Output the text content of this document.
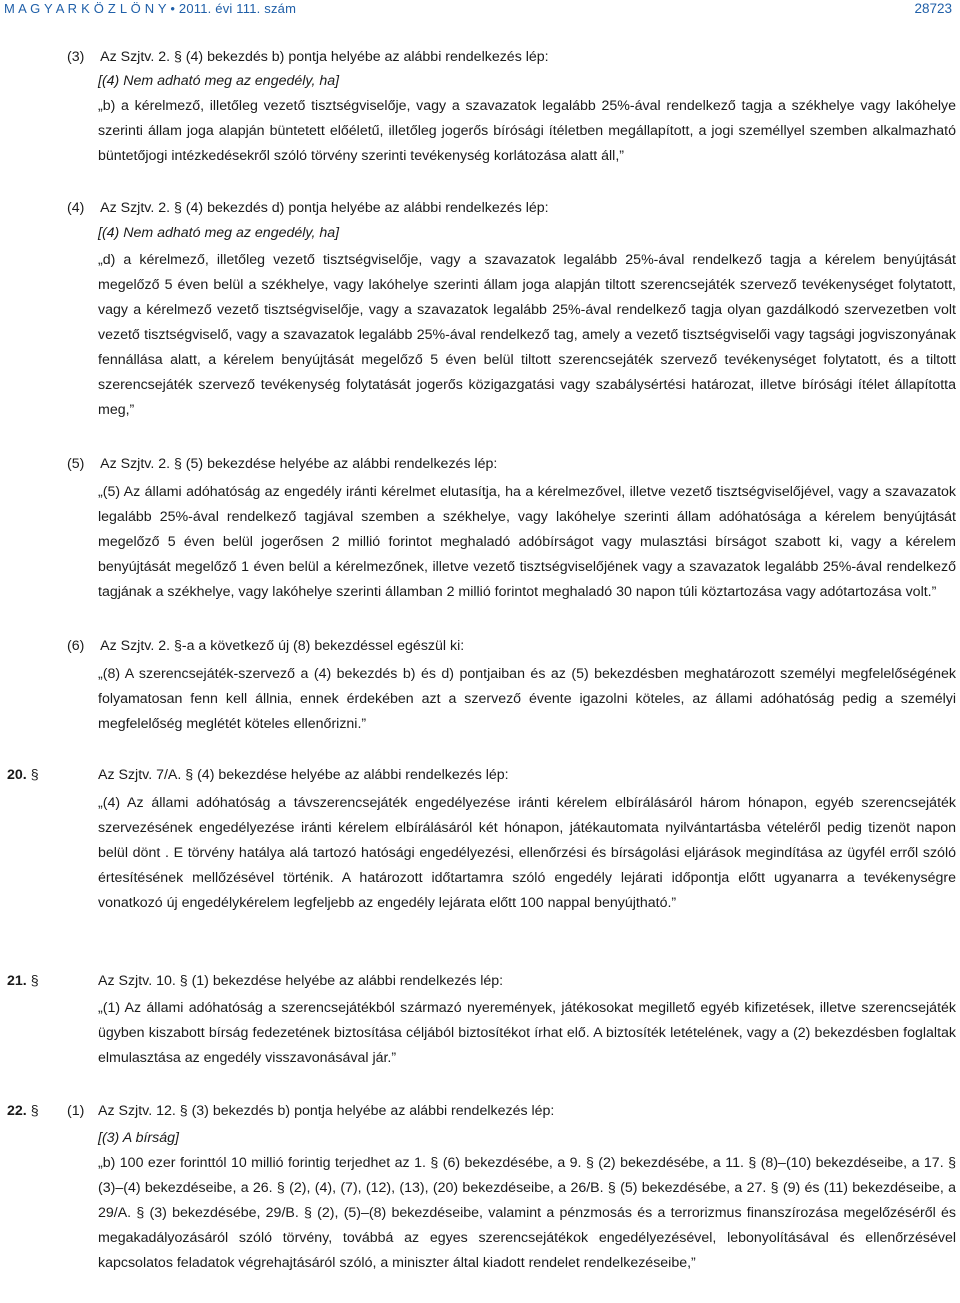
M A G Y A R K Ö Z L Ö N Y • 2011. évi 111. szám	28723
(3) Az Szjtv. 2. § (4) bekezdés b) pontja helyébe az alábbi rendelkezés lép:
[(4) Nem adható meg az engedély, ha]
„b) a kérelmező, illetőleg vezető tisztségviselője, vagy a szavazatok legalább 25%-ával rendelkező tagja a székhelye vagy lakóhelye szerinti állam joga alapján büntetett előéletű, illetőleg jogerős bírósági ítéletben megállapított, a jogi személlyel szemben alkalmazható büntetőjogi intézkedésekről szóló törvény szerinti tevékenység korlátozása alatt áll,”
(4) Az Szjtv. 2. § (4) bekezdés d) pontja helyébe az alábbi rendelkezés lép:
[(4) Nem adható meg az engedély, ha]
„d) a kérelmező, illetőleg vezető tisztségviselője, vagy a szavazatok legalább 25%-ával rendelkező tagja a kérelem benyújtását megelőző 5 éven belül a székhelye, vagy lakóhelye szerinti állam joga alapján tiltott szerencsejáték szervező tevékenységet folytatott, vagy a kérelmező vezető tisztségviselője, vagy a szavazatok legalább 25%-ával rendelkező tagja olyan gazdálkodó szervezetben volt vezető tisztségviselő, vagy a szavazatok legalább 25%-ával rendelkező tag, amely a vezető tisztségviselői vagy tagsági jogviszonyának fennállása alatt, a kérelem benyújtását megelőző 5 éven belül tiltott szerencsejáték szervező tevékenységet folytatott, és a tiltott szerencsejáték szervező tevékenység folytatását jogerős közigazgatási vagy szabálysértési határozat, illetve bírósági ítélet állapította meg,”
(5) Az Szjtv. 2. § (5) bekezdése helyébe az alábbi rendelkezés lép:
„(5) Az állami adóhatóság az engedély iránti kérelmet elutasítja, ha a kérelmezővel, illetve vezető tisztségviselőjével, vagy a szavazatok legalább 25%-ával rendelkező tagjával szemben a székhelye, vagy lakóhelye szerinti állam adóhatósága a kérelem benyújtását megelőző 5 éven belül jogerősen 2 millió forintot meghaladó adóbírságot vagy mulasztási bírságot szabott ki, vagy a kérelem benyújtását megelőző 1 éven belül a kérelmezőnek, illetve vezető tisztségviselőjének vagy a szavazatok legalább 25%-ával rendelkező tagjának a székhelye, vagy lakóhelye szerinti államban 2 millió forintot meghaladó 30 napon túli köztartozása vagy adótartozása volt.”
(6) Az Szjtv. 2. §-a a következő új (8) bekezdéssel egészül ki:
„(8) A szerencsejáték-szervező a (4) bekezdés b) és d) pontjaiban és az (5) bekezdésben meghatározott személyi megfelelőségének folyamatosan fenn kell állnia, ennek érdekében azt a szervező évente igazolni köteles, az állami adóhatóság pedig a személyi megfelelőség meglétét köteles ellenőrizni.”
20. §	Az Szjtv. 7/A. § (4) bekezdése helyébe az alábbi rendelkezés lép:
„(4) Az állami adóhatóság a távszerencsejáték engedélyezése iránti kérelem elbírálásáról három hónapon, egyéb szerencsejáték szervezésének engedélyezése iránti kérelem elbírálásáról két hónapon, játékautomata nyilvántartásba vételéről pedig tizenöt napon belül dönt . E törvény hatálya alá tartozó hatósági engedélyezési, ellenőrzési és bírságolási eljárások megindítása az ügyfél erről szóló értesítésének mellőzésével történik. A határozott időtartamra szóló engedély lejárati időpontja előtt ugyanarra a tevékenységre vonatkozó új engedélykérelem legfeljebb az engedély lejárata előtt 100 nappal benyújtható.”
21. §	Az Szjtv. 10. § (1) bekezdése helyébe az alábbi rendelkezés lép:
„(1) Az állami adóhatóság a szerencsejátékból származó nyeremények, játékosokat megillető egyéb kifizetések, illetve szerencsejáték ügyben kiszabott bírság fedezetének biztosítása céljából biztosítékot írhat elő. A biztosíték letételének, vagy a (2) bekezdésben foglaltak elmulasztása az engedély visszavonásával jár.”
22. § (1) Az Szjtv. 12. § (3) bekezdés b) pontja helyébe az alábbi rendelkezés lép:
[(3) A bírság]
„b) 100 ezer forinttól 10 millió forintig terjedhet az 1. § (6) bekezdésébe, a 9. § (2) bekezdésébe, a 11. § (8)–(10) bekezdéseibe, a 17. § (3)–(4) bekezdéseibe, a 26. § (2), (4), (7), (12), (13), (20) bekezdéseibe, a 26/B. § (5) bekezdésébe, a 27. § (9) és (11) bekezdéseibe, a 29/A. § (3) bekezdésébe, 29/B. § (2), (5)–(8) bekezdéseibe, valamint a pénzmosás és a terrorizmus finanszírozása megelőzéséről és megakadályozásáról szóló törvény, továbbá az egyes szerencsejátékok engedélyezésével, lebonyolításával és ellenőrzésével kapcsolatos feladatok végrehajtásáról szóló, a miniszter által kiadott rendelet rendelkezéseibe,”
